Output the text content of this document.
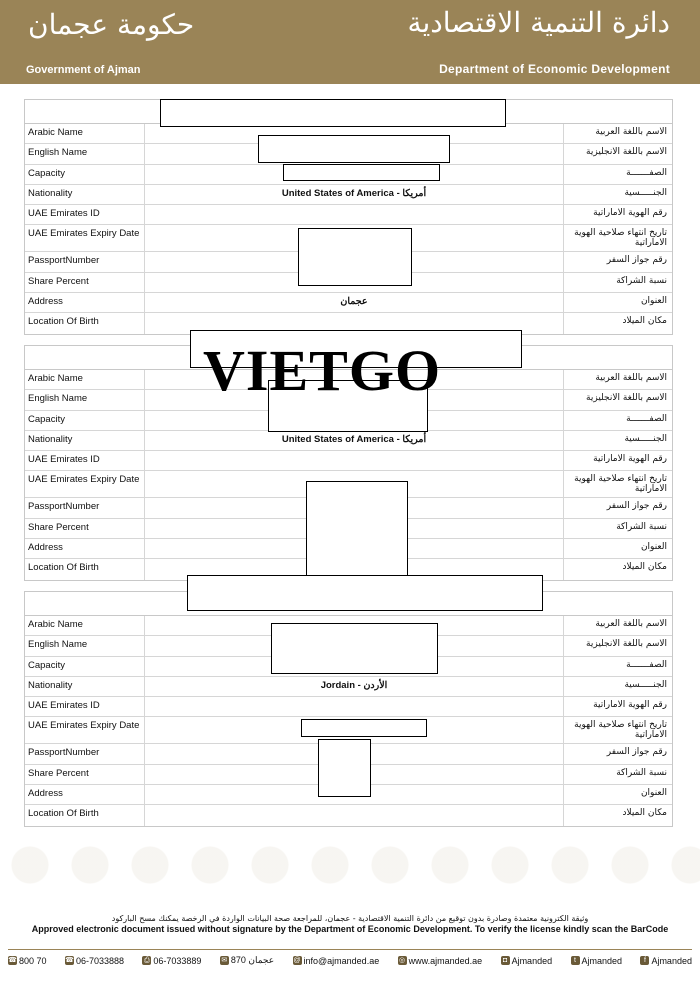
حكومة عجمان
Government of Ajman
دائرة التنمية الاقتصادية
Department of Economic Development
Arabic Name	الاسم باللغة العربية
English Name	الاسم باللغة الانجليزية
Capacity	الصفـــــــة
Nationality	United States of America - أمريكا	الجنـــــسية
UAE Emirates ID	رقم الهوية الاماراتية
UAE Emirates Expiry Date	تاريخ انتهاء صلاحية الهوية الاماراتية
PassportNumber	رقم جواز السفر
Share Percent	نسبة الشراكة
Address	عجمان	العنوان
Location Of Birth	مكان الميلاد
Arabic Name	الاسم باللغة العربية
English Name	الاسم باللغة الانجليزية
Capacity	الصفـــــــة
Nationality	United States of America - أمريكا	الجنـــــسية
UAE Emirates ID	رقم الهوية الاماراتية
UAE Emirates Expiry Date	تاريخ انتهاء صلاحية الهوية الاماراتية
PassportNumber	رقم جواز السفر
Share Percent	نسبة الشراكة
Address	العنوان
Location Of Birth	مكان الميلاد
Arabic Name	الاسم باللغة العربية
English Name	الاسم باللغة الانجليزية
Capacity	الصفـــــــة
Nationality	Jordain - الأردن	الجنـــــسية
UAE Emirates ID	رقم الهوية الاماراتية
UAE Emirates Expiry Date	تاريخ انتهاء صلاحية الهوية الاماراتية
PassportNumber	رقم جواز السفر
Share Percent	نسبة الشراكة
Address	العنوان
Location Of Birth	مكان الميلاد
VIETGO
وثيقة الكترونية معتمدة وصادرة بدون توقيع من دائرة التنمية الاقتصادية - عجمان، للمراجعة صحة البيانات الواردة في الرخصة يمكنك مسح الباركود
Approved electronic document issued without signature by the Department of Economic Development. To verify the license kindly scan the BarCode
☎ 800 70	☎ 06-7033888	⎙ 06-7033889	✉ 870 عجمان	@ info@ajmanded.ae	◎ www.ajmanded.ae	◘ Ajmanded	t Ajmanded	f Ajmanded
